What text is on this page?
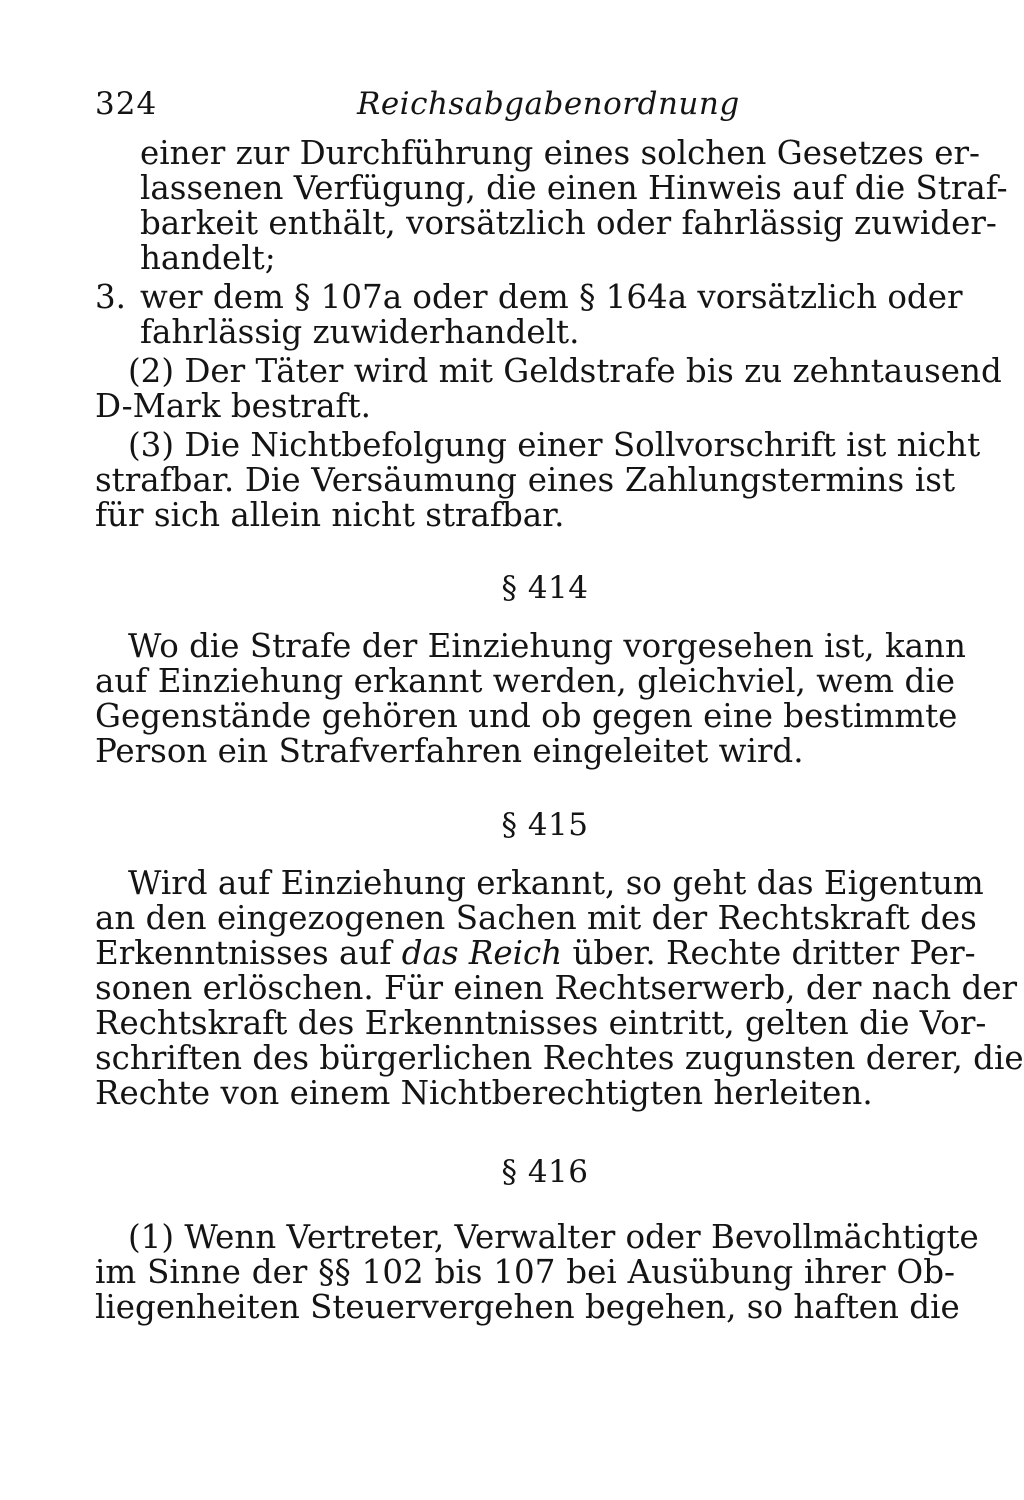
324	Reichsabgabenordnung
einer zur Durchführung eines solchen Gesetzes er-
lassenen Verfügung, die einen Hinweis auf die Straf-
barkeit enthält, vorsätzlich oder fahrlässig zuwider-
handelt;
3. wer dem § 107a oder dem § 164a vorsätzlich oder
fahrlässig zuwiderhandelt.
(2) Der Täter wird mit Geldstrafe bis zu zehntausend
D-Mark bestraft.
(3) Die Nichtbefolgung einer Sollvorschrift ist nicht
strafbar. Die Versäumung eines Zahlungstermins ist
für sich allein nicht strafbar.
§ 414
Wo die Strafe der Einziehung vorgesehen ist, kann
auf Einziehung erkannt werden, gleichviel, wem die
Gegenstände gehören und ob gegen eine bestimmte
Person ein Strafverfahren eingeleitet wird.
§ 415
Wird auf Einziehung erkannt, so geht das Eigentum
an den eingezogenen Sachen mit der Rechtskraft des
Erkenntnisses auf das Reich über. Rechte dritter Per-
sonen erlöschen. Für einen Rechtserwerb, der nach der
Rechtskraft des Erkenntnisses eintritt, gelten die Vor-
schriften des bürgerlichen Rechtes zugunsten derer, die
Rechte von einem Nichtberechtigten herleiten.
§ 416
(1) Wenn Vertreter, Verwalter oder Bevollmächtigte
im Sinne der §§ 102 bis 107 bei Ausübung ihrer Ob-
liegenheiten Steuervergehen begehen, so haften die
